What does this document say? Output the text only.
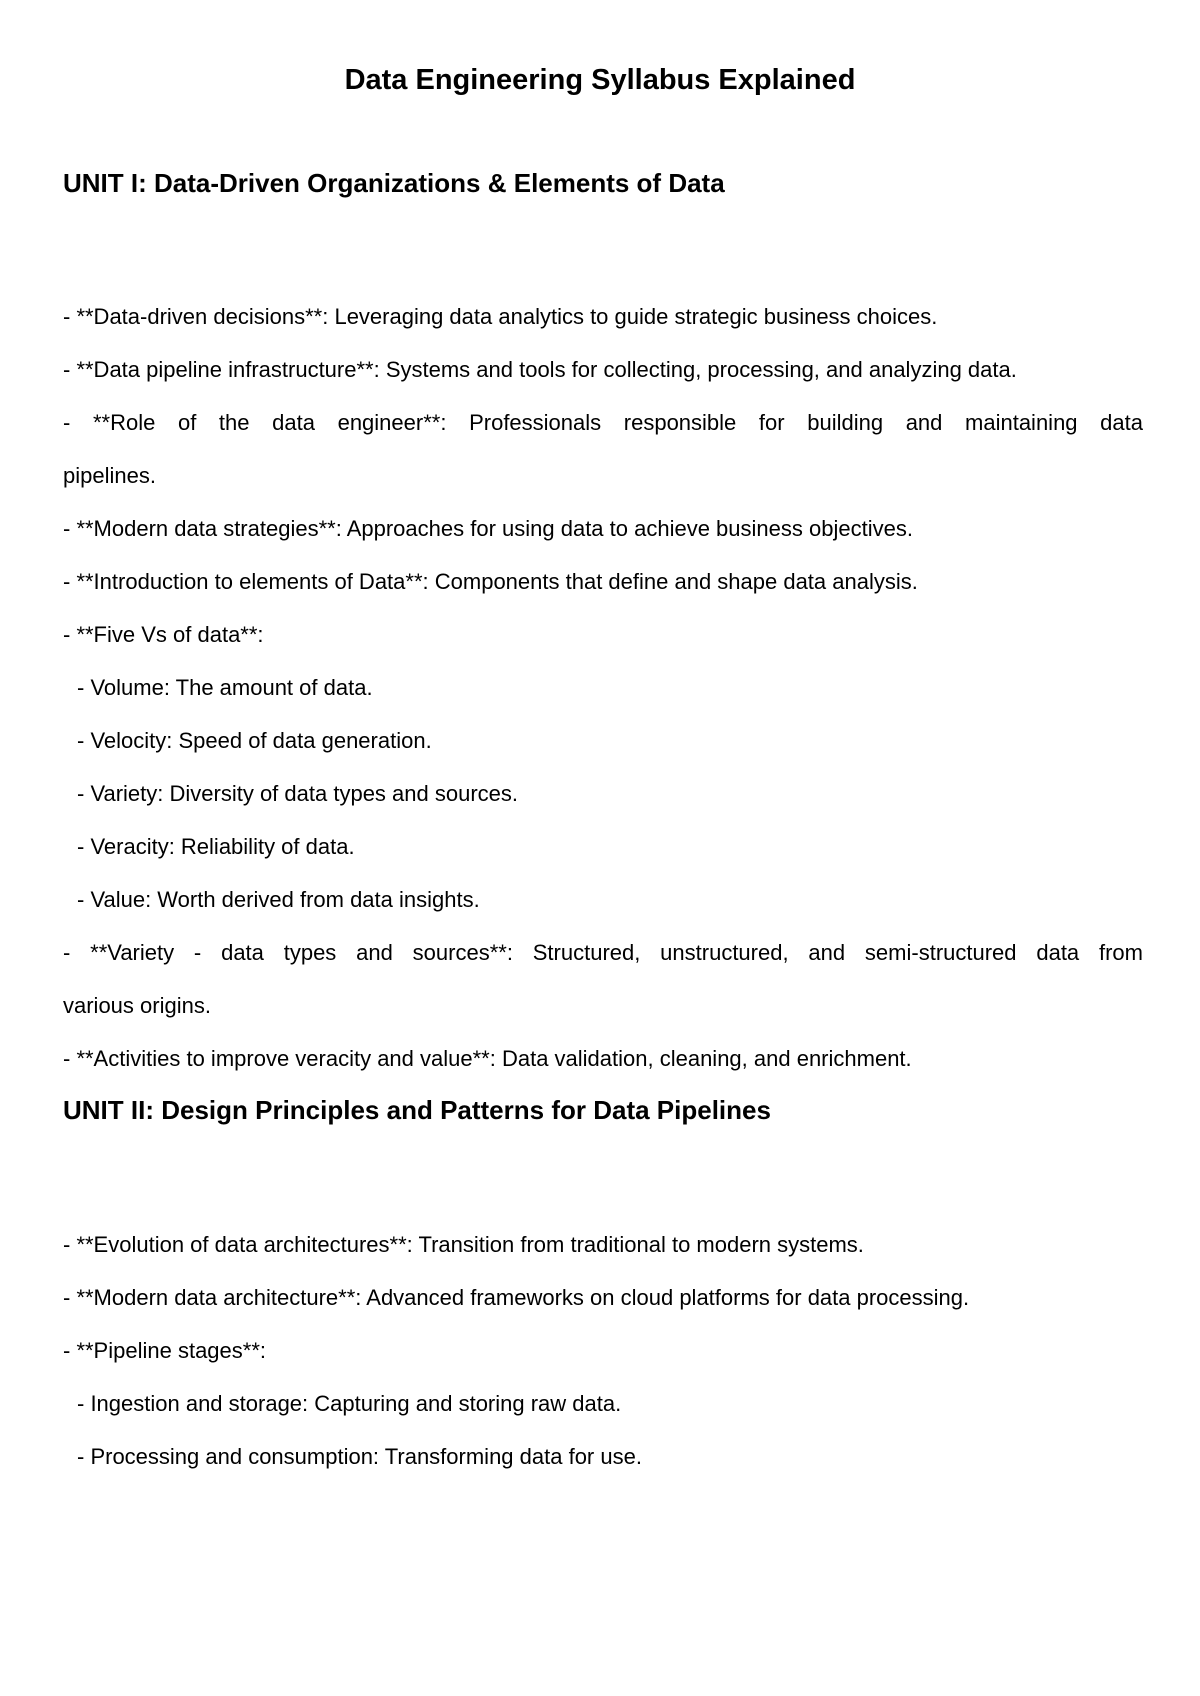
Data Engineering Syllabus Explained
UNIT I: Data-Driven Organizations & Elements of Data

- **Data-driven decisions**: Leveraging data analytics to guide strategic business choices.

- **Data pipeline infrastructure**: Systems and tools for collecting, processing, and analyzing data.

- **Role of the data engineer**: Professionals responsible for building and maintaining data

pipelines.

- **Modern data strategies**: Approaches for using data to achieve business objectives.

- **Introduction to elements of Data**: Components that define and shape data analysis.

- **Five Vs of data**:

- Volume: The amount of data.

- Velocity: Speed of data generation.

- Variety: Diversity of data types and sources.

- Veracity: Reliability of data.

- Value: Worth derived from data insights.

- **Variety - data types and sources**: Structured, unstructured, and semi-structured data from

various origins.

- **Activities to improve veracity and value**: Data validation, cleaning, and enrichment.

UNIT II: Design Principles and Patterns for Data Pipelines

- **Evolution of data architectures**: Transition from traditional to modern systems.

- **Modern data architecture**: Advanced frameworks on cloud platforms for data processing.

- **Pipeline stages**:

- Ingestion and storage: Capturing and storing raw data.

- Processing and consumption: Transforming data for use.
